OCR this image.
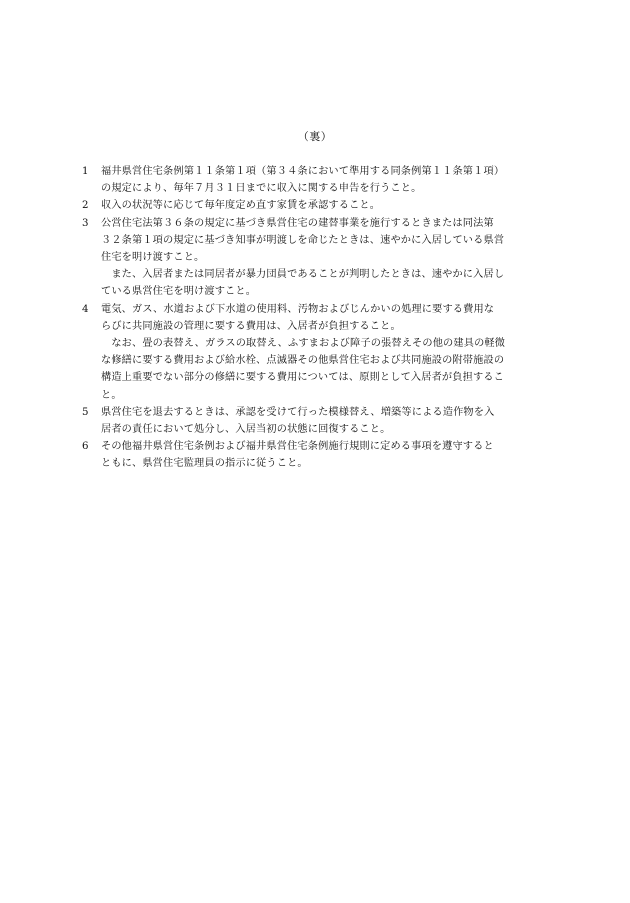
（裏）
1 福井県営住宅条例第１１条第１項（第３４条において準用する同条例第１１条第１項）
の規定により、毎年７月３１日までに収入に関する申告を行うこと。
2 収入の状況等に応じて毎年度定め直す家賃を承認すること。
3 公営住宅法第３６条の規定に基づき県営住宅の建替事業を施行するときまたは同法第
３２条第１項の規定に基づき知事が明渡しを命じたときは、速やかに入居している県営
住宅を明け渡すこと。
　また、入居者または同居者が暴力団員であることが判明したときは、速やかに入居し
ている県営住宅を明け渡すこと。
4 電気、ガス、水道および下水道の使用料、汚物およびじんかいの処理に要する費用な
らびに共同施設の管理に要する費用は、入居者が負担すること。
　なお、畳の表替え、ガラスの取替え、ふすまおよび障子の張替えその他の建具の軽微
な修繕に要する費用および給水栓、点滅器その他県営住宅および共同施設の附帯施設の
構造上重要でない部分の修繕に要する費用については、原則として入居者が負担するこ
と。
5 県営住宅を退去するときは、承認を受けて行った模様替え、増築等による造作物を入
居者の責任において処分し、入居当初の状態に回復すること。
6 その他福井県営住宅条例および福井県営住宅条例施行規則に定める事項を遵守すると
ともに、県営住宅監理員の指示に従うこと。
